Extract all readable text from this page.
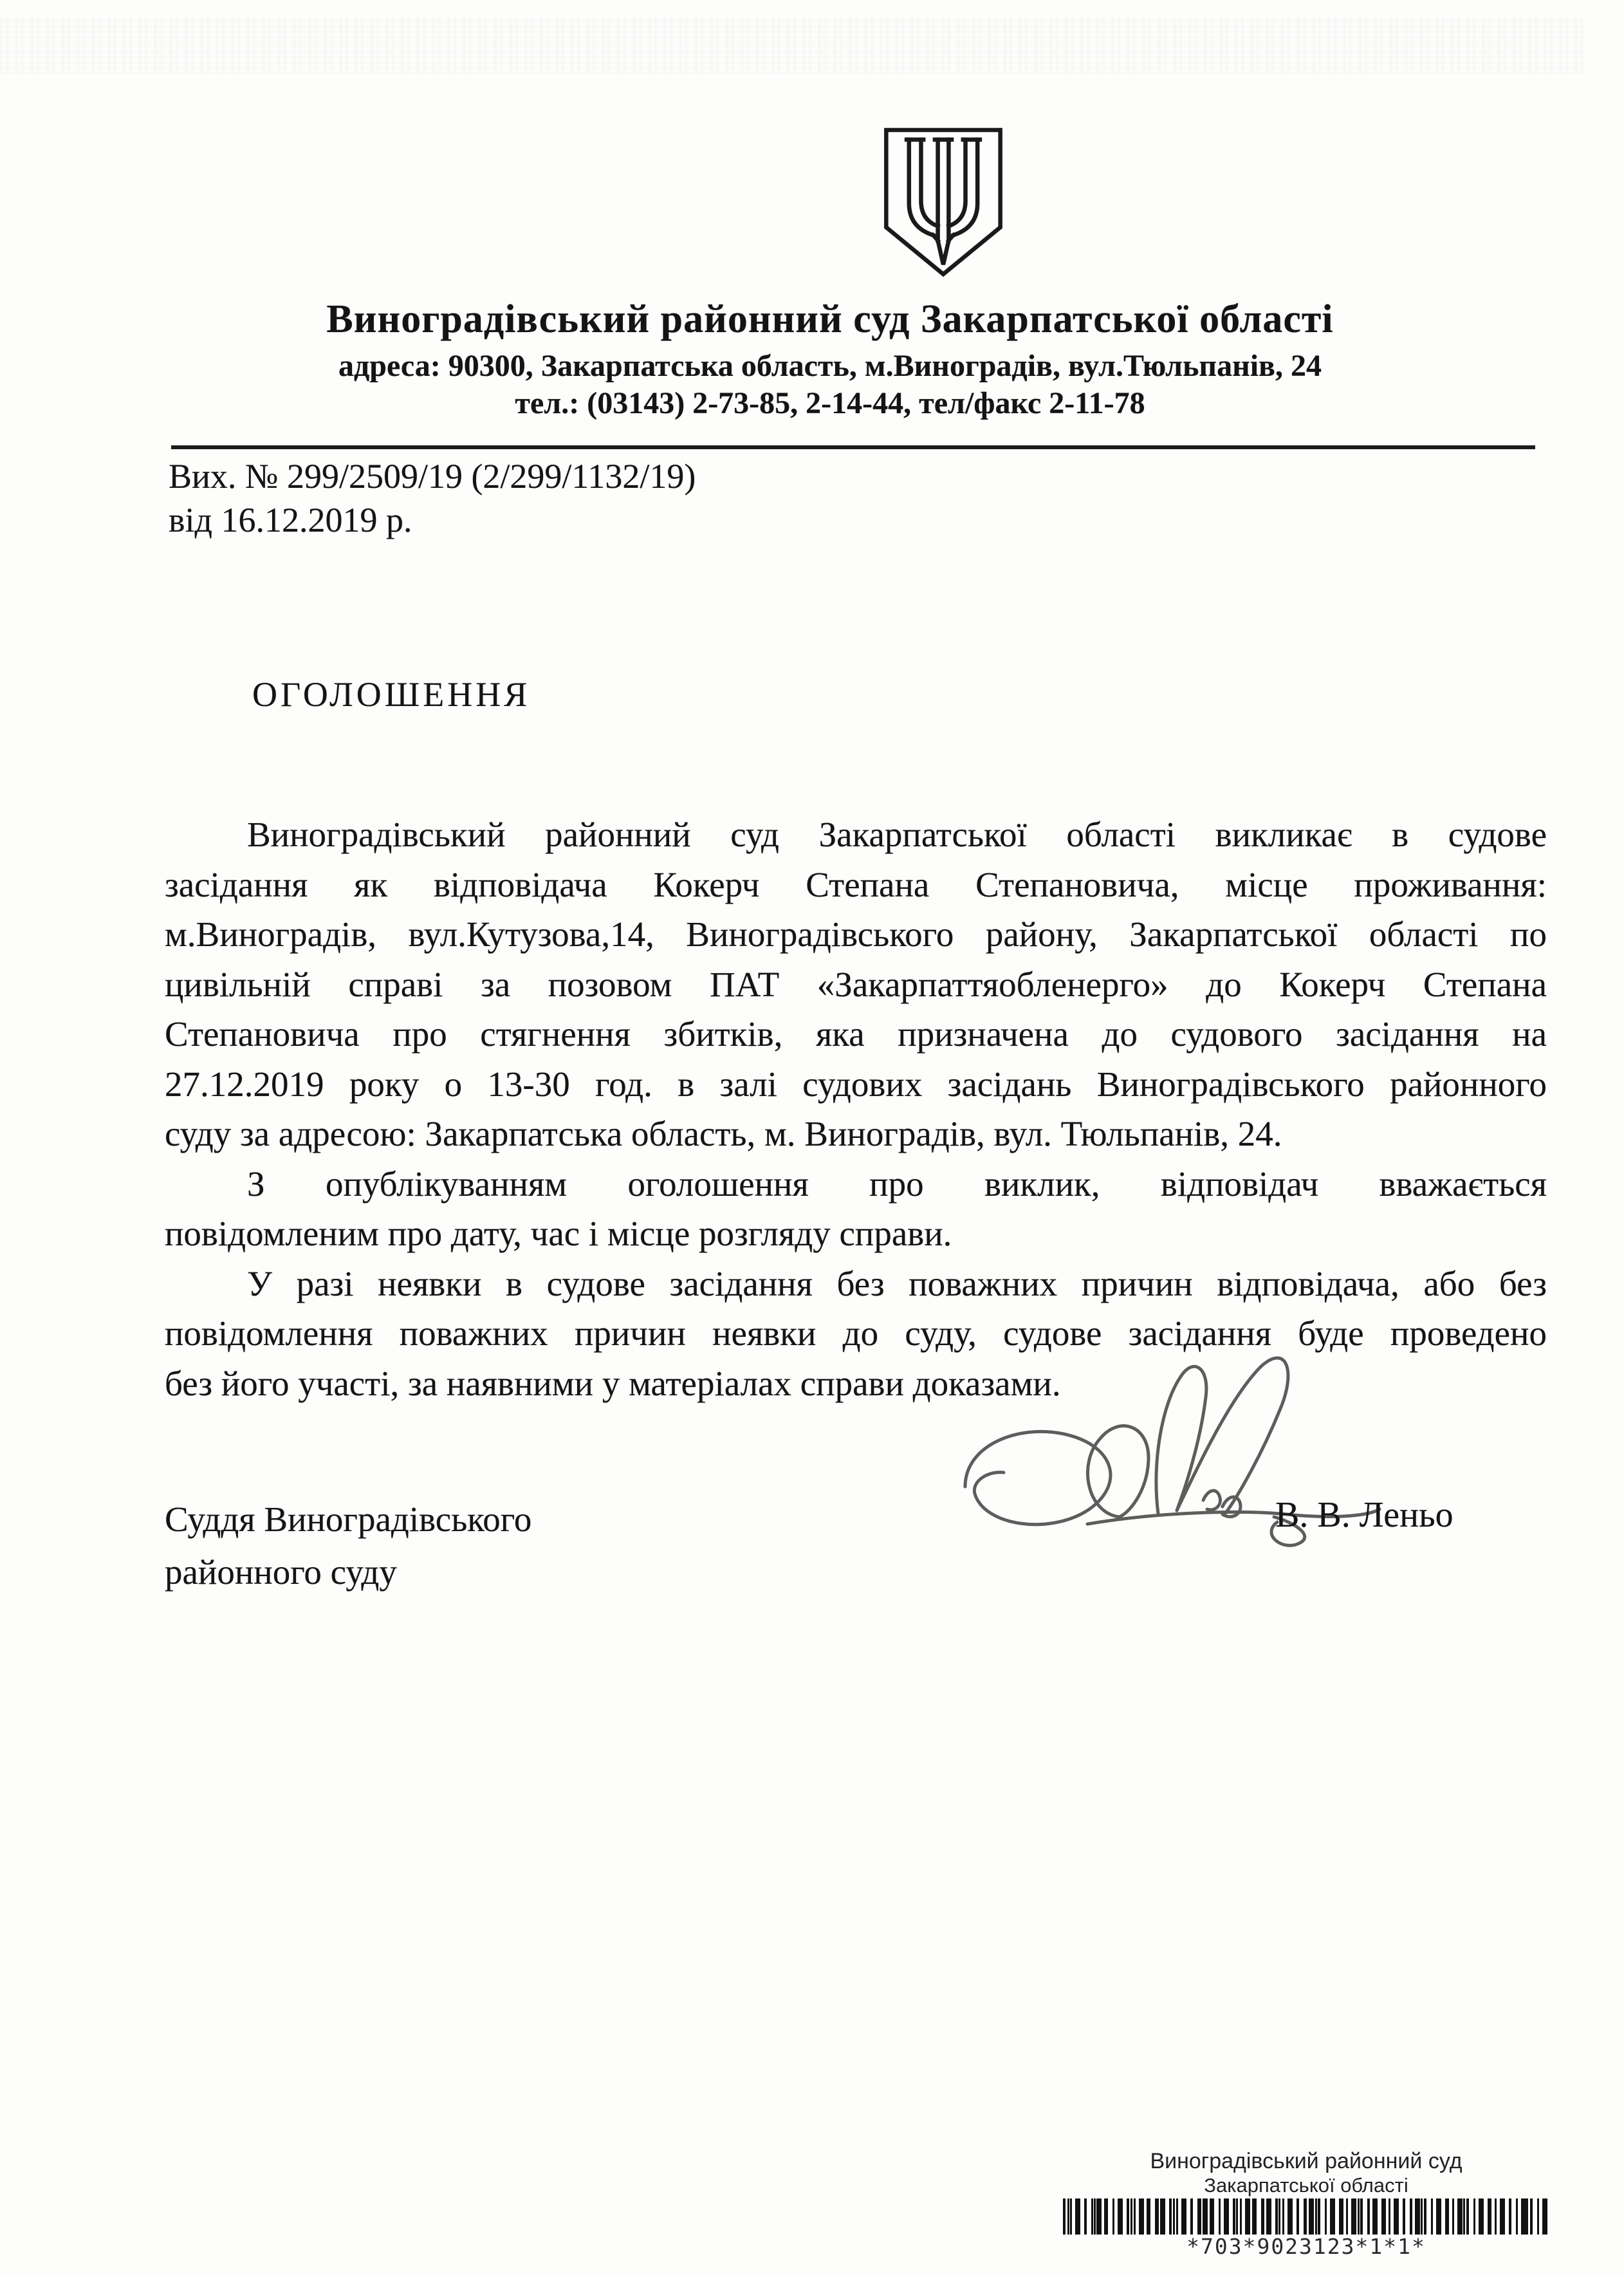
Виноградівський районний суд Закарпатської області
адреса: 90300, Закарпатська область, м.Виноградів, вул.Тюльпанів, 24
тел.: (03143) 2-73-85, 2-14-44, тел/факс 2-11-78
Вих. № 299/2509/19 (2/299/1132/19)
від 16.12.2019 р.
ОГОЛОШЕННЯ
Виноградівський районний суд Закарпатської області викликає в судове
засідання як відповідача Кокерч Степана Степановича, місце проживання:
м.Виноградів, вул.Кутузова,14, Виноградівського району, Закарпатської області по
цивільній справі за позовом ПАТ «Закарпаттяобленерго» до Кокерч Степана
Степановича про стягнення збитків, яка призначена до судового засідання на
27.12.2019 року о 13-30 год. в залі судових засідань Виноградівського районного
суду за адресою: Закарпатська область, м. Виноградів, вул. Тюльпанів, 24.
З опублікуванням оголошення про виклик, відповідач вважається
повідомленим про дату, час і місце розгляду справи.
У разі неявки в судове засідання без поважних причин відповідача, або без
повідомлення поважних причин неявки до суду, судове засідання буде проведено
без його участі, за наявними у матеріалах справи доказами.
Суддя Виноградівського
районного суду
В. В. Леньо
Виноградівський районний суд
Закарпатської області
*703*9023123*1*1*
